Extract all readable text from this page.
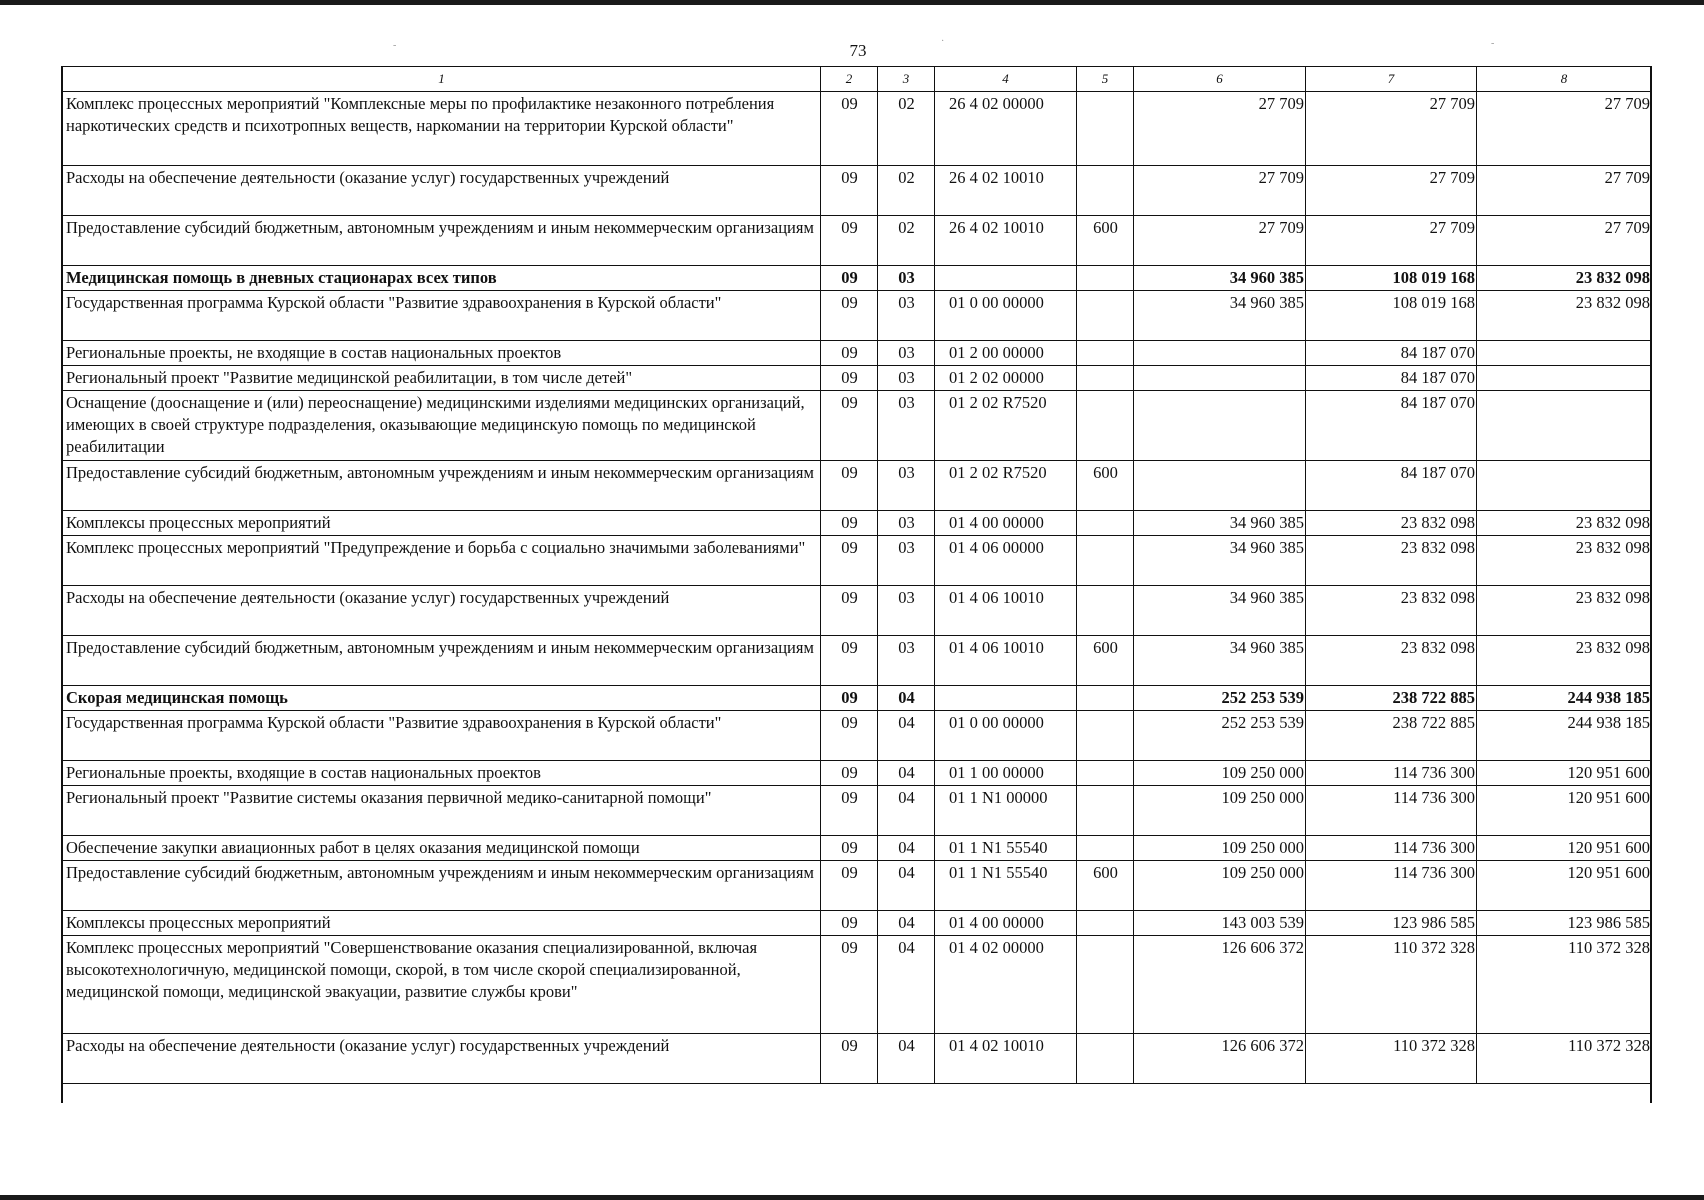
-	·	-
73
1	2	3	4	5	6	7	8
Комплекс процессных мероприятий "Комплексные меры по профилактике незаконного потребления наркотических средств и психотропных веществ, наркомании на территории Курской области"	09	02	26 4 02 00000		27 709	27 709	27 709
Расходы на обеспечение деятельности (оказание услуг) государственных учреждений	09	02	26 4 02 10010		27 709	27 709	27 709
Предоставление субсидий бюджетным, автономным учреждениям и иным некоммерческим организациям	09	02	26 4 02 10010	600	27 709	27 709	27 709
Медицинская помощь в дневных стационарах всех типов	09	03			34 960 385	108 019 168	23 832 098
Государственная программа Курской области "Развитие здравоохранения в Курской области"	09	03	01 0 00 00000		34 960 385	108 019 168	23 832 098
Региональные проекты, не входящие в состав национальных проектов	09	03	01 2 00 00000			84 187 070	
Региональный проект "Развитие медицинской реабилитации, в том числе детей"	09	03	01 2 02 00000			84 187 070	
Оснащение (дооснащение и (или) переоснащение) медицинскими изделиями медицинских организаций, имеющих в своей структуре подразделения, оказывающие медицинскую помощь по медицинской реабилитации	09	03	01 2 02 R7520			84 187 070	
Предоставление субсидий бюджетным, автономным учреждениям и иным некоммерческим организациям	09	03	01 2 02 R7520	600		84 187 070	
Комплексы процессных мероприятий	09	03	01 4 00 00000		34 960 385	23 832 098	23 832 098
Комплекс процессных мероприятий "Предупреждение и борьба с социально значимыми заболеваниями"	09	03	01 4 06 00000		34 960 385	23 832 098	23 832 098
Расходы на обеспечение деятельности (оказание услуг) государственных учреждений	09	03	01 4 06 10010		34 960 385	23 832 098	23 832 098
Предоставление субсидий бюджетным, автономным учреждениям и иным некоммерческим организациям	09	03	01 4 06 10010	600	34 960 385	23 832 098	23 832 098
Скорая медицинская помощь	09	04			252 253 539	238 722 885	244 938 185
Государственная программа Курской области "Развитие здравоохранения в Курской области"	09	04	01 0 00 00000		252 253 539	238 722 885	244 938 185
Региональные проекты, входящие в состав национальных проектов	09	04	01 1 00 00000		109 250 000	114 736 300	120 951 600
Региональный проект "Развитие системы оказания первичной медико-санитарной помощи"	09	04	01 1 N1 00000		109 250 000	114 736 300	120 951 600
Обеспечение закупки авиационных работ в целях оказания медицинской помощи	09	04	01 1 N1 55540		109 250 000	114 736 300	120 951 600
Предоставление субсидий бюджетным, автономным учреждениям и иным некоммерческим организациям	09	04	01 1 N1 55540	600	109 250 000	114 736 300	120 951 600
Комплексы процессных мероприятий	09	04	01 4 00 00000		143 003 539	123 986 585	123 986 585
Комплекс процессных мероприятий "Совершенствование оказания специализированной, включая высокотехнологичную, медицинской помощи, скорой, в том числе скорой специализированной, медицинской помощи, медицинской эвакуации, развитие службы крови"	09	04	01 4 02 00000		126 606 372	110 372 328	110 372 328
Расходы на обеспечение деятельности (оказание услуг) государственных учреждений	09	04	01 4 02 10010		126 606 372	110 372 328	110 372 328
